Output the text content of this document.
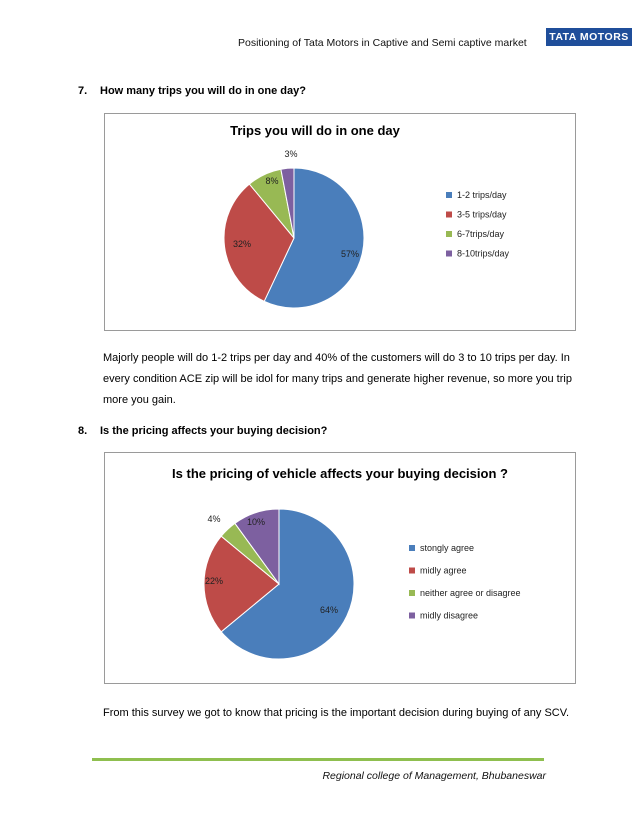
Positioning of Tata Motors in Captive and Semi captive market	TATA MOTORS
7. How many trips you will do in one day?
Trips you will do in one day
57%
32%
8%
3%
1-2 trips/day
3-5 trips/day
6-7trips/day
8-10trips/day
Majorly people will do 1-2 trips per day and 40% of the customers will do 3 to 10 trips per day. In every condition ACE zip will be idol for many trips and generate higher revenue, so more you trip more you gain.
8. Is the pricing affects your buying decision?
Is the pricing of vehicle affects your buying decision ?
64%
22%
4%	10%
stongly agree
midly agree
neither agree or disagree
midly disagree
From this survey we got to know that pricing is the important decision during buying of any SCV.
Regional college of Management, Bhubaneswar
